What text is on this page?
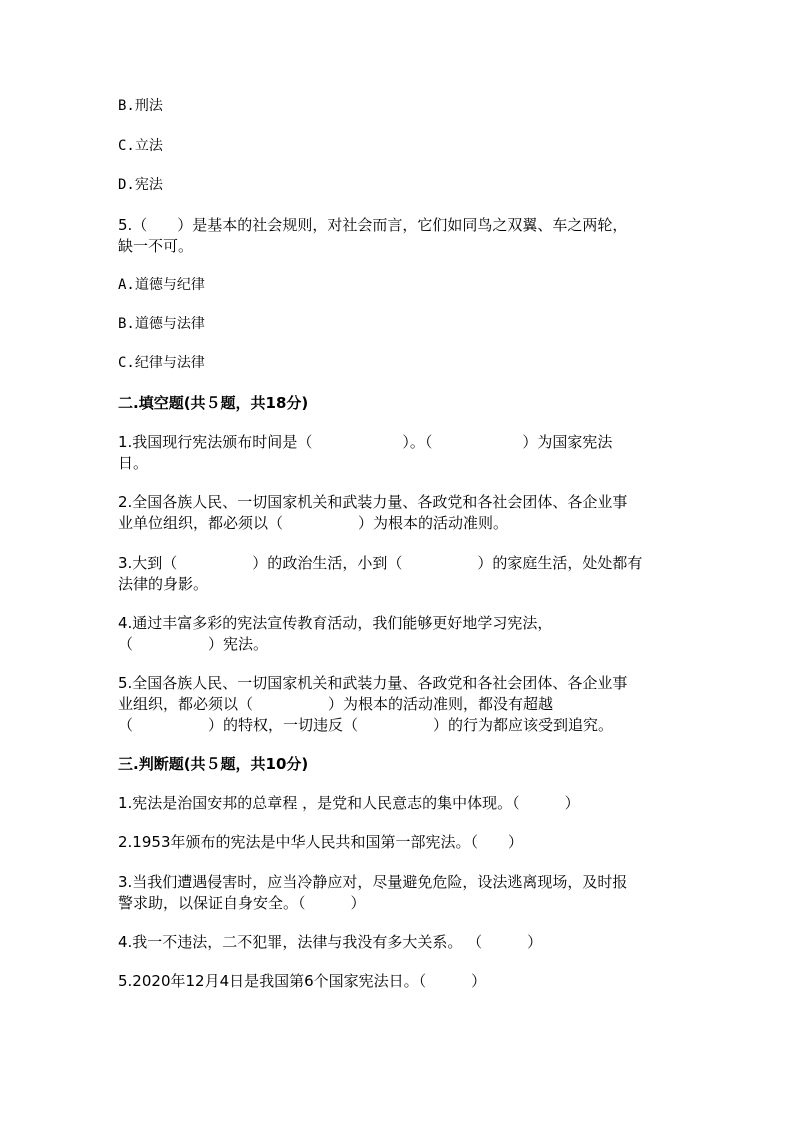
B.刑法
C.立法
D.宪法
5.（　　）是基本的社会规则，对社会而言，它们如同鸟之双翼、车之两轮，
缺一不可。
A.道德与纪律
B.道德与法律
C.纪律与法律
二.填空题(共５题，共18分)
1.我国现行宪法颁布时间是（　　　　　　）。（　　　　　　）为国家宪法
日。
2.全国各族人民、一切国家机关和武装力量、各政党和各社会团体、各企业事
业单位组织，都必须以（　　　　　）为根本的活动准则。
3.大到（　　　　　）的政治生活，小到（　　　　　）的家庭生活，处处都有
法律的身影。
4.通过丰富多彩的宪法宣传教育活动，我们能够更好地学习宪法，
（　　　　　）宪法。
5.全国各族人民、一切国家机关和武装力量、各政党和各社会团体、各企业事
业组织，都必须以（　　　　　）为根本的活动准则，都没有超越
（　　　　　）的特权，一切违反（　　　　　）的行为都应该受到追究。
三.判断题(共５题，共10分)
1.宪法是治国安邦的总章程 ，是党和人民意志的集中体现。（　　　）
2.1953年颁布的宪法是中华人民共和国第一部宪法。（　　）
3.当我们遭遇侵害时，应当冷静应对，尽量避免危险，设法逃离现场，及时报
警求助，以保证自身安全。（　　　）
4.我一不违法，二不犯罪，法律与我没有多大关系。 （　　　）
5.2020年12月4日是我国第6个国家宪法日。（　　　）
